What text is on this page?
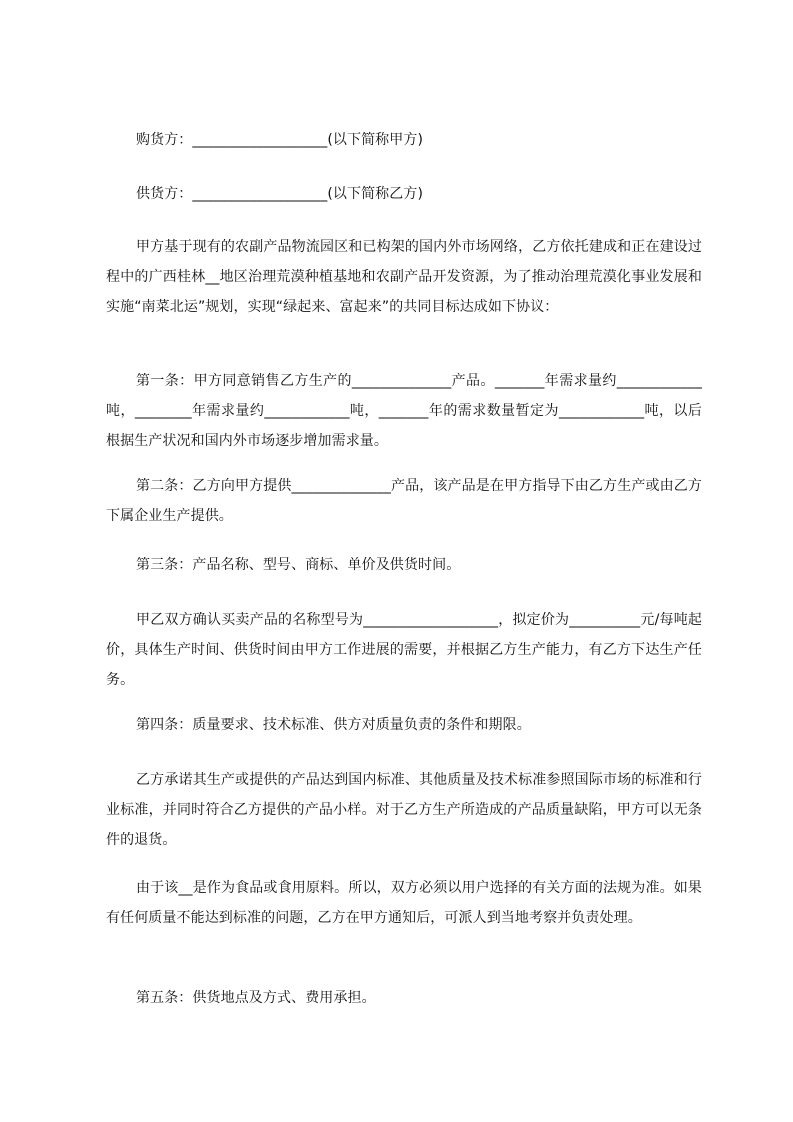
购货方：___________________(以下简称甲方)
供货方：___________________(以下简称乙方)
甲方基于现有的农副产品物流园区和已构架的国内外市场网络，乙方依托建成和正在建设过程中的广西桂林__地区治理荒漠种植基地和农副产品开发资源，为了推动治理荒漠化事业发展和实施“南菜北运”规划，实现“绿起来、富起来”的共同目标达成如下协议：
第一条：甲方同意销售乙方生产的______________产品。_______年需求量约____________吨，________年需求量约____________吨，_______年的需求数量暂定为____________吨，以后根据生产状况和国内外市场逐步增加需求量。
第二条：乙方向甲方提供______________产品，该产品是在甲方指导下由乙方生产或由乙方下属企业生产提供。
第三条：产品名称、型号、商标、单价及供货时间。
甲乙双方确认买卖产品的名称型号为___________________，拟定价为__________元/每吨起价，具体生产时间、供货时间由甲方工作进展的需要，并根据乙方生产能力，有乙方下达生产任务。
第四条：质量要求、技术标准、供方对质量负责的条件和期限。
乙方承诺其生产或提供的产品达到国内标准、其他质量及技术标准参照国际市场的标准和行业标准，并同时符合乙方提供的产品小样。对于乙方生产所造成的产品质量缺陷，甲方可以无条件的退货。
由于该__是作为食品或食用原料。所以，双方必须以用户选择的有关方面的法规为准。如果有任何质量不能达到标准的问题，乙方在甲方通知后，可派人到当地考察并负责处理。
第五条：供货地点及方式、费用承担。
